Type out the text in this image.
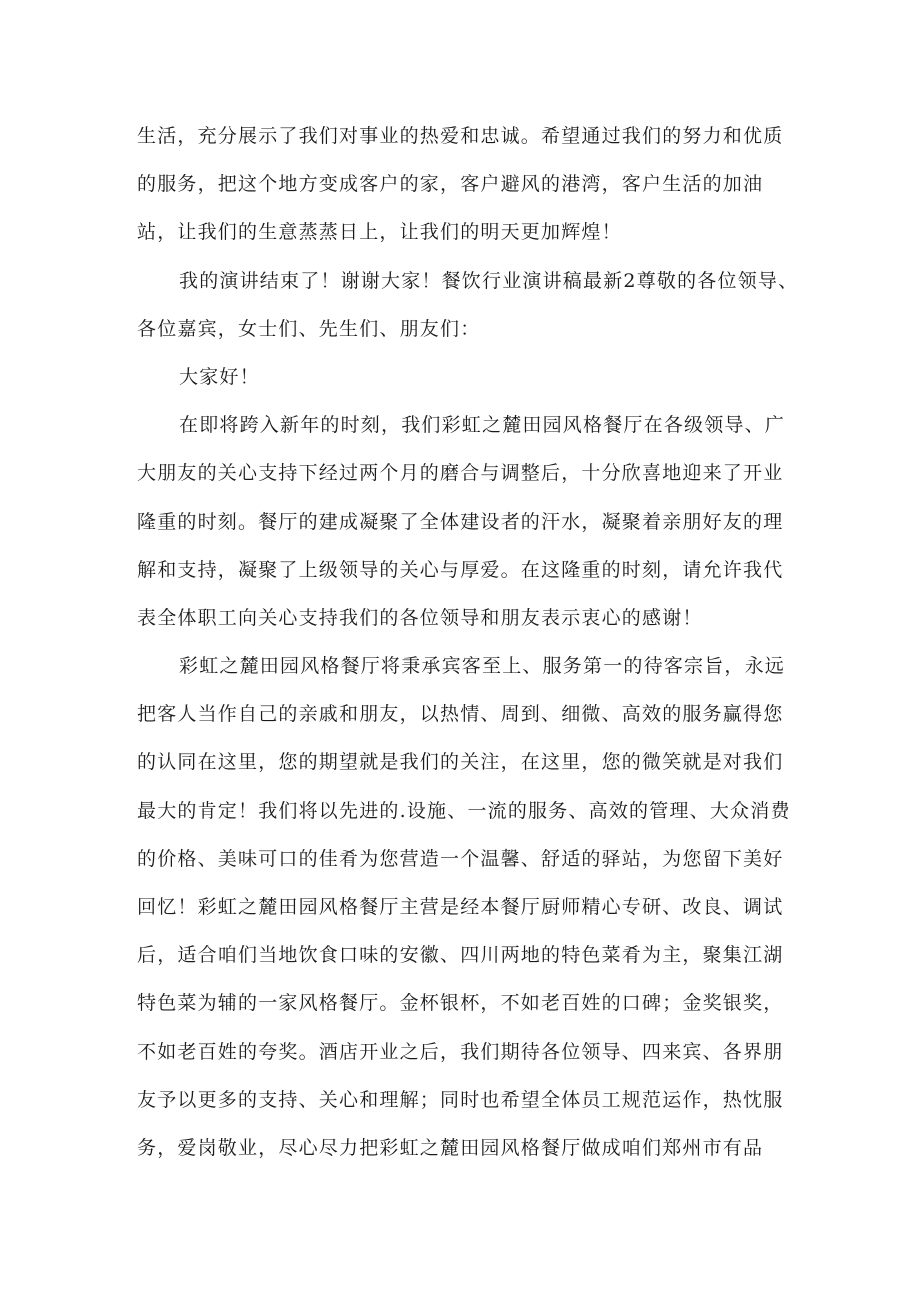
生活，充分展示了我们对事业的热爱和忠诚。希望通过我们的努力和优质
的服务，把这个地方变成客户的家，客户避风的港湾，客户生活的加油
站，让我们的生意蒸蒸日上，让我们的明天更加辉煌！
我的演讲结束了！谢谢大家！餐饮行业演讲稿最新2尊敬的各位领导、
各位嘉宾，女士们、先生们、朋友们：
大家好！
在即将跨入新年的时刻，我们彩虹之麓田园风格餐厅在各级领导、广
大朋友的关心支持下经过两个月的磨合与调整后，十分欣喜地迎来了开业
隆重的时刻。餐厅的建成凝聚了全体建设者的汗水，凝聚着亲朋好友的理
解和支持，凝聚了上级领导的关心与厚爱。在这隆重的时刻，请允许我代
表全体职工向关心支持我们的各位领导和朋友表示衷心的感谢！
彩虹之麓田园风格餐厅将秉承宾客至上、服务第一的待客宗旨，永远
把客人当作自己的亲戚和朋友，以热情、周到、细微、高效的服务赢得您
的认同在这里，您的期望就是我们的关注，在这里，您的微笑就是对我们
最大的肯定！我们将以先进的.设施、一流的服务、高效的管理、大众消费
的价格、美味可口的佳肴为您营造一个温馨、舒适的驿站，为您留下美好
回忆！彩虹之麓田园风格餐厅主营是经本餐厅厨师精心专研、改良、调试
后，适合咱们当地饮食口味的安徽、四川两地的特色菜肴为主，聚集江湖
特色菜为辅的一家风格餐厅。金杯银杯，不如老百姓的口碑；金奖银奖，
不如老百姓的夸奖。酒店开业之后，我们期待各位领导、四来宾、各界朋
友予以更多的支持、关心和理解；同时也希望全体员工规范运作，热忱服
务，爱岗敬业，尽心尽力把彩虹之麓田园风格餐厅做成咱们郑州市有品
